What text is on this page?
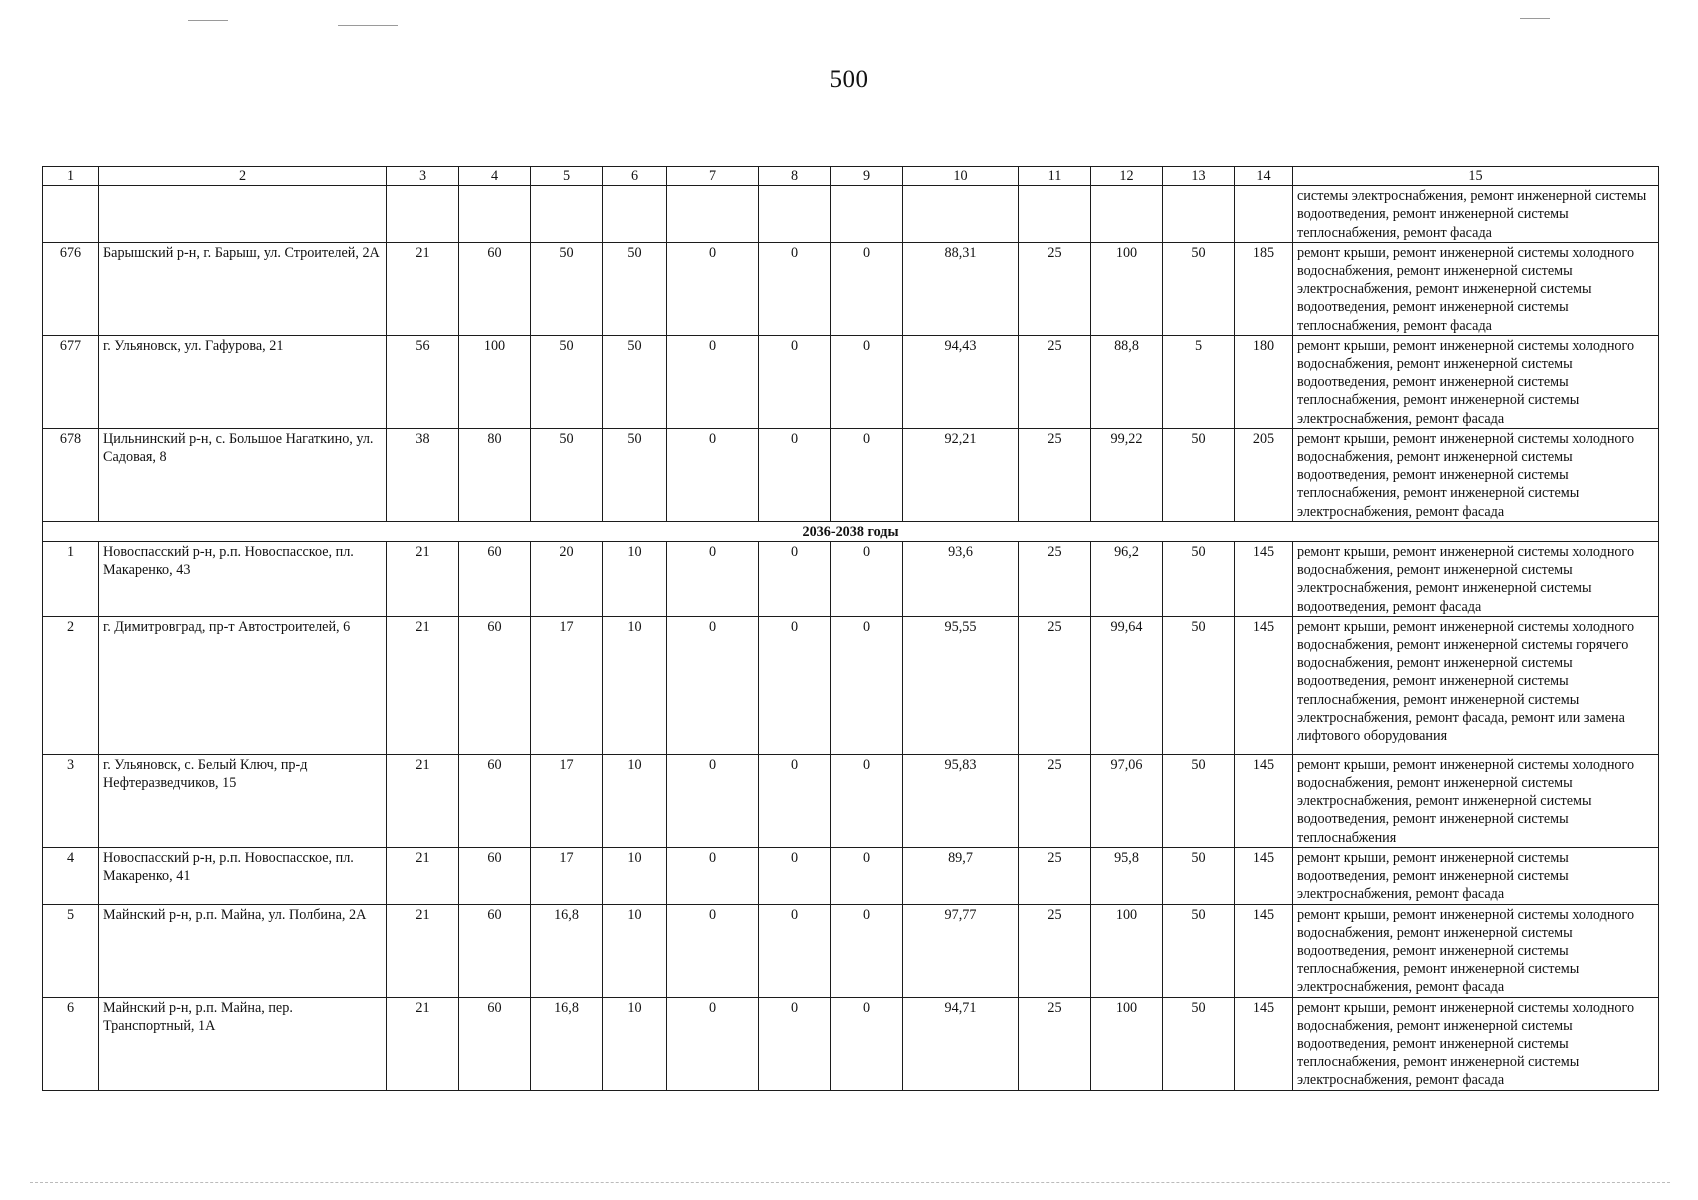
500
1	2	3	4	5	6	7	8	9	10	11	12	13	14	15
														системы электроснабжения, ремонт инженерной системы водоотведения, ремонт инженерной системы теплоснабжения, ремонт фасада
676	Барышский р-н, г. Барыш, ул. Строителей, 2А	21	60	50	50	0	0	0	88,31	25	100	50	185	ремонт крыши, ремонт инженерной системы холодного водоснабжения, ремонт инженерной системы электроснабжения, ремонт инженерной системы водоотведения, ремонт инженерной системы теплоснабжения, ремонт фасада
677	г. Ульяновск, ул. Гафурова, 21	56	100	50	50	0	0	0	94,43	25	88,8	5	180	ремонт крыши, ремонт инженерной системы холодного водоснабжения, ремонт инженерной системы водоотведения, ремонт инженерной системы теплоснабжения, ремонт инженерной системы электроснабжения, ремонт фасада
678	Цильнинский р-н, с. Большое Нагаткино, ул. Садовая, 8	38	80	50	50	0	0	0	92,21	25	99,22	50	205	ремонт крыши, ремонт инженерной системы холодного водоснабжения, ремонт инженерной системы водоотведения, ремонт инженерной системы теплоснабжения, ремонт инженерной системы электроснабжения, ремонт фасада
2036-2038 годы														
1	Новоспасский р-н, р.п. Новоспасское, пл. Макаренко, 43	21	60	20	10	0	0	0	93,6	25	96,2	50	145	ремонт крыши, ремонт инженерной системы холодного водоснабжения, ремонт инженерной системы электроснабжения, ремонт инженерной системы водоотведения, ремонт фасада
2	г. Димитровград, пр-т Автостроителей, 6	21	60	17	10	0	0	0	95,55	25	99,64	50	145	ремонт крыши, ремонт инженерной системы холодного водоснабжения, ремонт инженерной системы горячего водоснабжения, ремонт инженерной системы водоотведения, ремонт инженерной системы теплоснабжения, ремонт инженерной системы электроснабжения, ремонт фасада, ремонт или замена лифтового оборудования
3	г. Ульяновск, с. Белый Ключ, пр-д Нефтеразведчиков, 15	21	60	17	10	0	0	0	95,83	25	97,06	50	145	ремонт крыши, ремонт инженерной системы холодного водоснабжения, ремонт инженерной системы электроснабжения, ремонт инженерной системы водоотведения, ремонт инженерной системы теплоснабжения
4	Новоспасский р-н, р.п. Новоспасское, пл. Макаренко, 41	21	60	17	10	0	0	0	89,7	25	95,8	50	145	ремонт крыши, ремонт инженерной системы водоотведения, ремонт инженерной системы электроснабжения, ремонт фасада
5	Майнский р-н, р.п. Майна, ул. Полбина, 2А	21	60	16,8	10	0	0	0	97,77	25	100	50	145	ремонт крыши, ремонт инженерной системы холодного водоснабжения, ремонт инженерной системы водоотведения, ремонт инженерной системы теплоснабжения, ремонт инженерной системы электроснабжения, ремонт фасада
6	Майнский р-н, р.п. Майна, пер. Транспортный, 1А	21	60	16,8	10	0	0	0	94,71	25	100	50	145	ремонт крыши, ремонт инженерной системы холодного водоснабжения, ремонт инженерной системы водоотведения, ремонт инженерной системы теплоснабжения, ремонт инженерной системы электроснабжения, ремонт фасада
